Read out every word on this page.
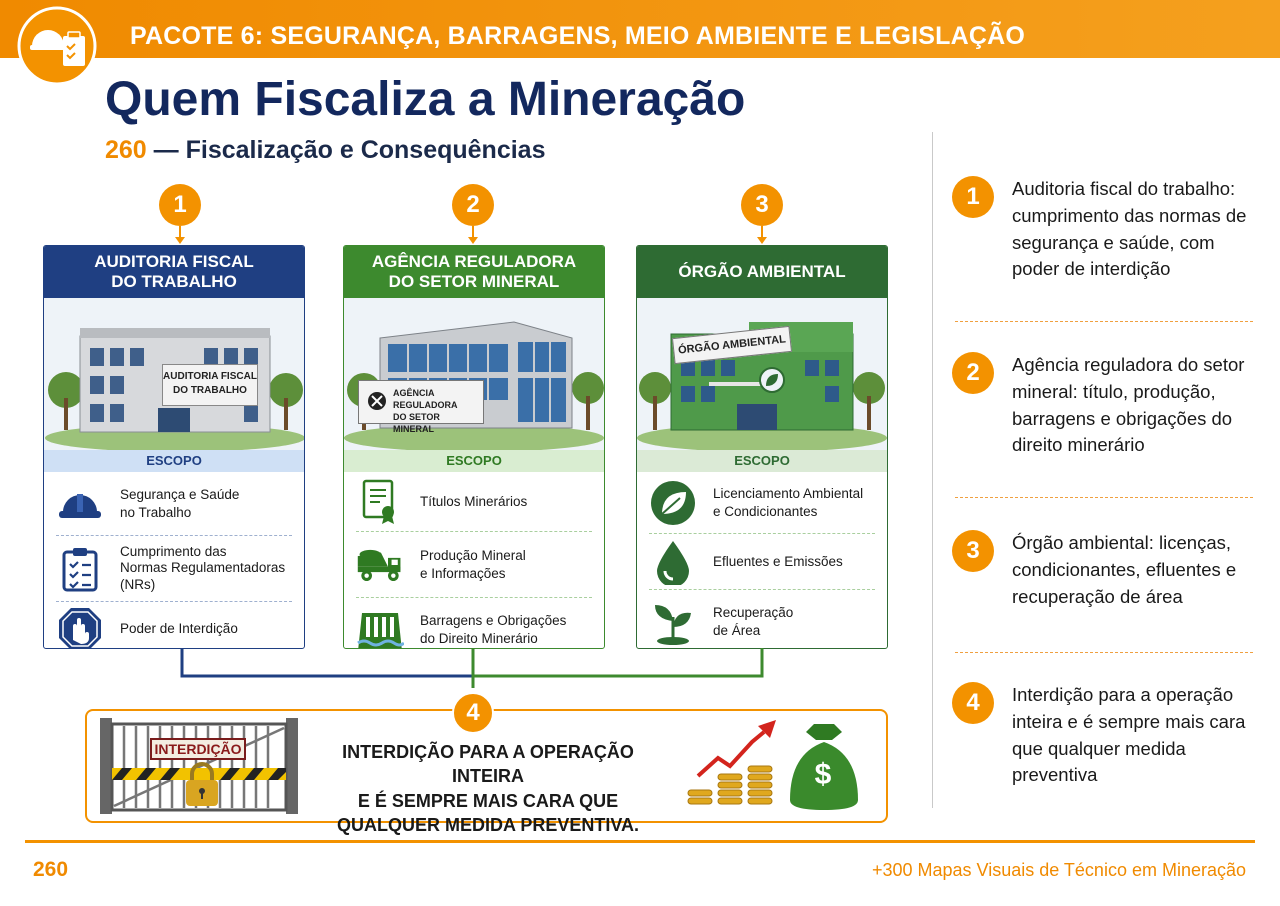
PACOTE 6: SEGURANÇA, BARRAGENS, MEIO AMBIENTE E LEGISLAÇÃO
Quem Fiscaliza a Mineração
260 — Fiscalização e Consequências
1	2	3
AUDITORIA FISCAL
DO TRABALHO
AUDITORIA FISCAL
DO TRABALHO
ESCOPO
Segurança e Saúde
no Trabalho
Cumprimento das
Normas Regulamentadoras
(NRs)
Poder de Interdição
AGÊNCIA REGULADORA
DO SETOR MINERAL
AGÊNCIA REGULADORA
DO SETOR MINERAL
ESCOPO
Títulos Minerários
Produção Mineral
e Informações
Barragens e Obrigações
do Direito Minerário
ÓRGÃO AMBIENTAL
ÓRGÃO AMBIENTAL
ESCOPO
Licenciamento Ambiental
e Condicionantes
Efluentes e Emissões
Recuperação
de Área
4
INTERDIÇÃO	INTERDIÇÃO PARA A OPERAÇÃO INTEIRA
E É SEMPRE MAIS CARA QUE
QUALQUER MEDIDA PREVENTIVA.
$
1	Auditoria fiscal do trabalho: cumprimento das normas de segurança e saúde, com poder de interdição
2	Agência reguladora do setor mineral: título, produção, barragens e obrigações do direito minerário
3	Órgão ambiental: licenças, condicionantes, efluentes e recuperação de área
4	Interdição para a operação inteira e é sempre mais cara que qualquer medida preventiva
260	+300 Mapas Visuais de Técnico em Mineração
